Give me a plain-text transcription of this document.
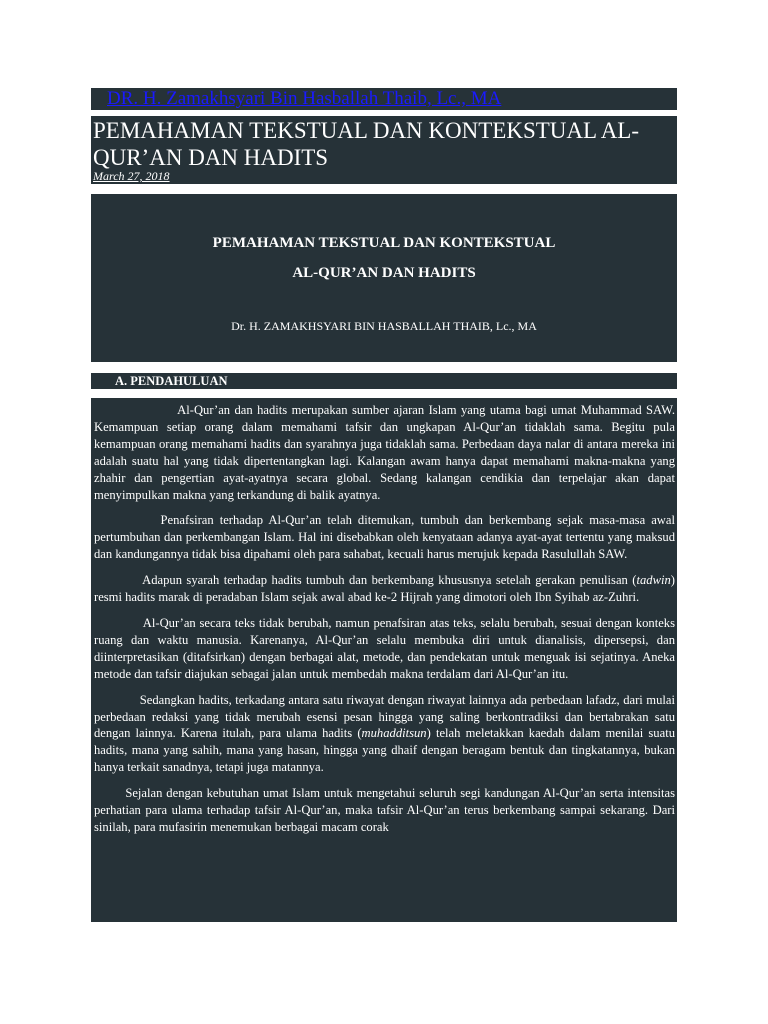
DR. H. Zamakhsyari Bin Hasballah Thaib, Lc., MA
PEMAHAMAN TEKSTUAL DAN KONTEKSTUAL AL-QUR’AN DAN HADITS
March 27, 2018
PEMAHAMAN TEKSTUAL DAN KONTEKSTUAL
AL-QUR’AN DAN HADITS
Dr. H. ZAMAKHSYARI BIN HASBALLAH THAIB, Lc., MA
A. PENDAHULUAN

Al-Qur’an dan hadits merupakan sumber ajaran Islam yang utama bagi umat Muhammad SAW. Kemampuan setiap orang dalam memahami tafsir dan ungkapan Al-Qur’an tidaklah sama. Begitu pula kemampuan orang memahami hadits dan syarahnya juga tidaklah sama. Perbedaan daya nalar di antara mereka ini adalah suatu hal yang tidak dipertentangkan lagi. Kalangan awam hanya dapat memahami makna-makna yang zhahir dan pengertian ayat-ayatnya secara global. Sedang kalangan cendikia dan terpelajar akan dapat menyimpulkan makna yang terkandung di balik ayatnya.

Penafsiran terhadap Al-Qur’an telah ditemukan, tumbuh dan berkembang sejak masa-masa awal pertumbuhan dan perkembangan Islam. Hal ini disebabkan oleh kenyataan adanya ayat-ayat tertentu yang maksud dan kandungannya tidak bisa dipahami oleh para sahabat, kecuali harus merujuk kepada Rasulullah SAW.

Adapun syarah terhadap hadits tumbuh dan berkembang khususnya setelah gerakan penulisan (tadwin) resmi hadits marak di peradaban Islam sejak awal abad ke-2 Hijrah yang dimotori oleh Ibn Syihab az-Zuhri.

Al-Qur’an secara teks tidak berubah, namun penafsiran atas teks, selalu berubah, sesuai dengan konteks ruang dan waktu manusia. Karenanya, Al-Qur’an selalu membuka diri untuk dianalisis, dipersepsi, dan diinterpretasikan (ditafsirkan) dengan berbagai alat, metode, dan pendekatan untuk menguak isi sejatinya. Aneka metode dan tafsir diajukan sebagai jalan untuk membedah makna terdalam dari Al-Qur’an itu.

Sedangkan hadits, terkadang antara satu riwayat dengan riwayat lainnya ada perbedaan lafadz, dari mulai perbedaan redaksi yang tidak merubah esensi pesan hingga yang saling berkontradiksi dan bertabrakan satu dengan lainnya. Karena itulah, para ulama hadits (muhadditsun) telah meletakkan kaedah dalam menilai suatu hadits, mana yang sahih, mana yang hasan, hingga yang dhaif dengan beragam bentuk dan tingkatannya, bukan hanya terkait sanadnya, tetapi juga matannya.

Sejalan dengan kebutuhan umat Islam untuk mengetahui seluruh segi kandungan Al-Qur’an serta intensitas perhatian para ulama terhadap tafsir Al-Qur’an, maka tafsir Al-Qur’an terus berkembang sampai sekarang. Dari sinilah, para mufasirin menemukan berbagai macam corak
